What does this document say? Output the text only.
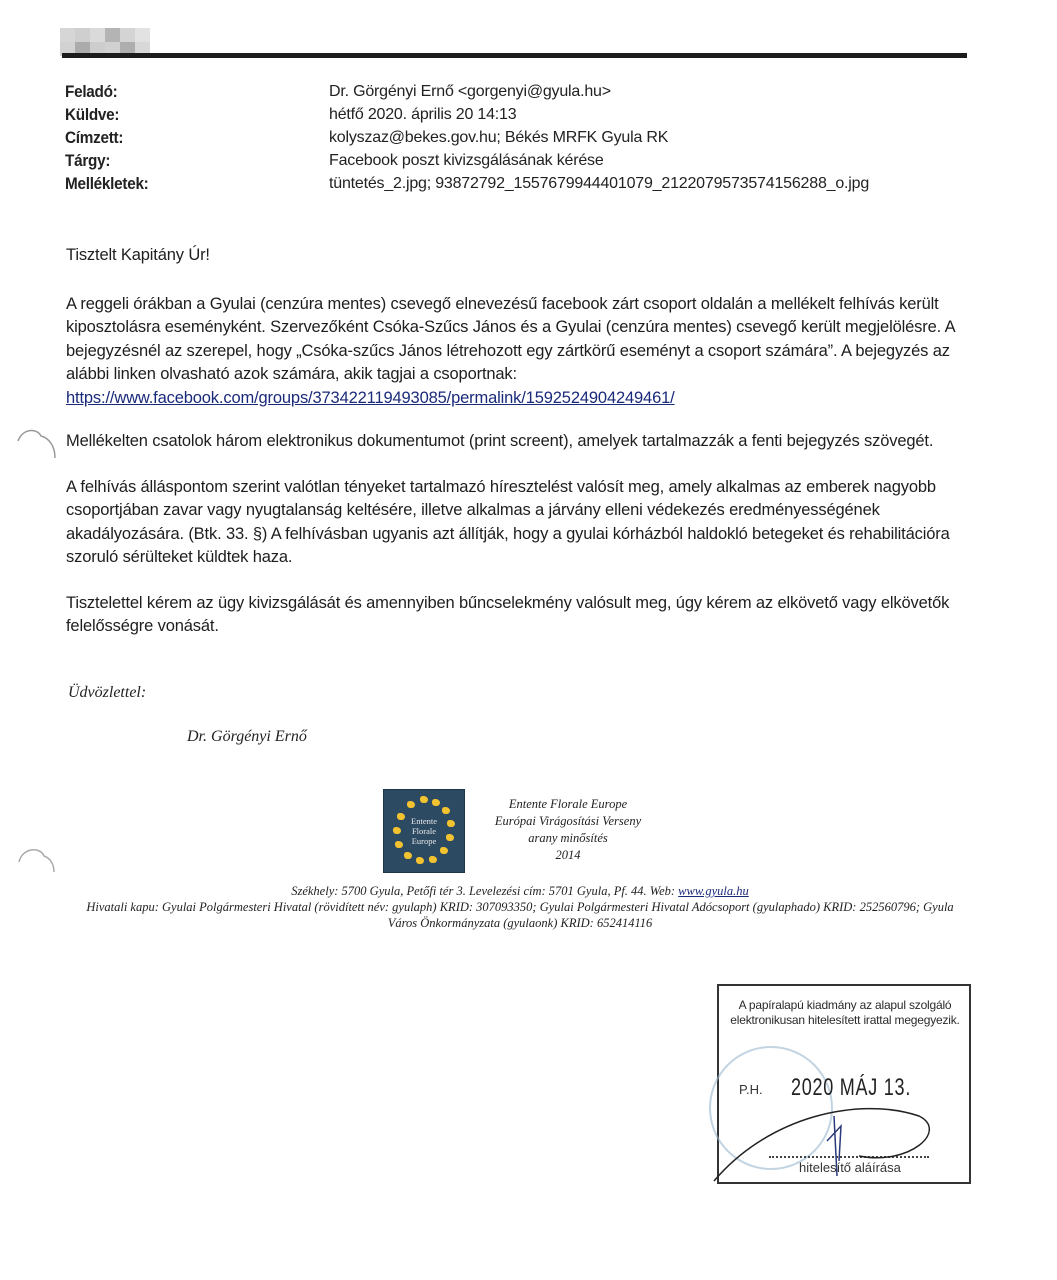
Feladó:	Dr. Görgényi Ernő <gorgenyi@gyula.hu>
Küldve:	hétfő 2020. április 20 14:13
Címzett:	kolyszaz@bekes.gov.hu; Békés MRFK Gyula RK
Tárgy:	Facebook poszt kivizsgálásának kérése
Mellékletek:	tüntetés_2.jpg; 93872792_1557679944401079_2122079573574156288_o.jpg

Tisztelt Kapitány Úr!

A reggeli órákban a Gyulai (cenzúra mentes) csevegő elnevezésű facebook zárt csoport oldalán a mellékelt felhívás került kiposztolásra eseményként. Szervezőként Csóka-Szűcs János és a Gyulai (cenzúra mentes) csevegő került megjelölésre. A bejegyzésnél az szerepel, hogy „Csóka-szűcs János létrehozott egy zártkörű eseményt a csoport számára”. A bejegyzés az alábbi linken olvasható azok számára, akik tagjai a csoportnak:
https://www.facebook.com/groups/373422119493085/permalink/1592524904249461/

Mellékelten csatolok három elektronikus dokumentumot (print screent), amelyek tartalmazzák a fenti bejegyzés szövegét.

A felhívás álláspontom szerint valótlan tényeket tartalmazó híresztelést valósít meg, amely alkalmas az emberek nagyobb csoportjában zavar vagy nyugtalanság keltésére, illetve alkalmas a járvány elleni védekezés eredményességének akadályozására. (Btk. 33. §) A felhívásban ugyanis azt állítják, hogy a gyulai kórházból haldokló betegeket és rehabilitációra szoruló sérülteket küldtek haza.

Tisztelettel kérem az ügy kivizsgálását és amennyiben bűncselekmény valósult meg, úgy kérem az elkövető vagy elkövetők felelősségre vonását.

Üdvözlettel:
Dr. Görgényi Ernő
Entente
Florale
Europe
Entente Florale Europe
Európai Virágosítási Verseny
arany minősítés
2014
Székhely: 5700 Gyula, Petőfi tér 3. Levelezési cím: 5701 Gyula, Pf. 44. Web: www.gyula.hu
Hivatali kapu: Gyulai Polgármesteri Hivatal (rövidített név: gyulaph) KRID: 307093350; Gyulai Polgármesteri Hivatal Adócsoport (gyulaphado) KRID: 252560796; Gyula Város Önkormányzata (gyulaonk) KRID: 652414116
A papíralapú kiadmány az alapul szolgáló elektronikusan hitelesített irattal megegyezik.
P.H. 2020 MÁJ 13.
hitelesítő aláírása
